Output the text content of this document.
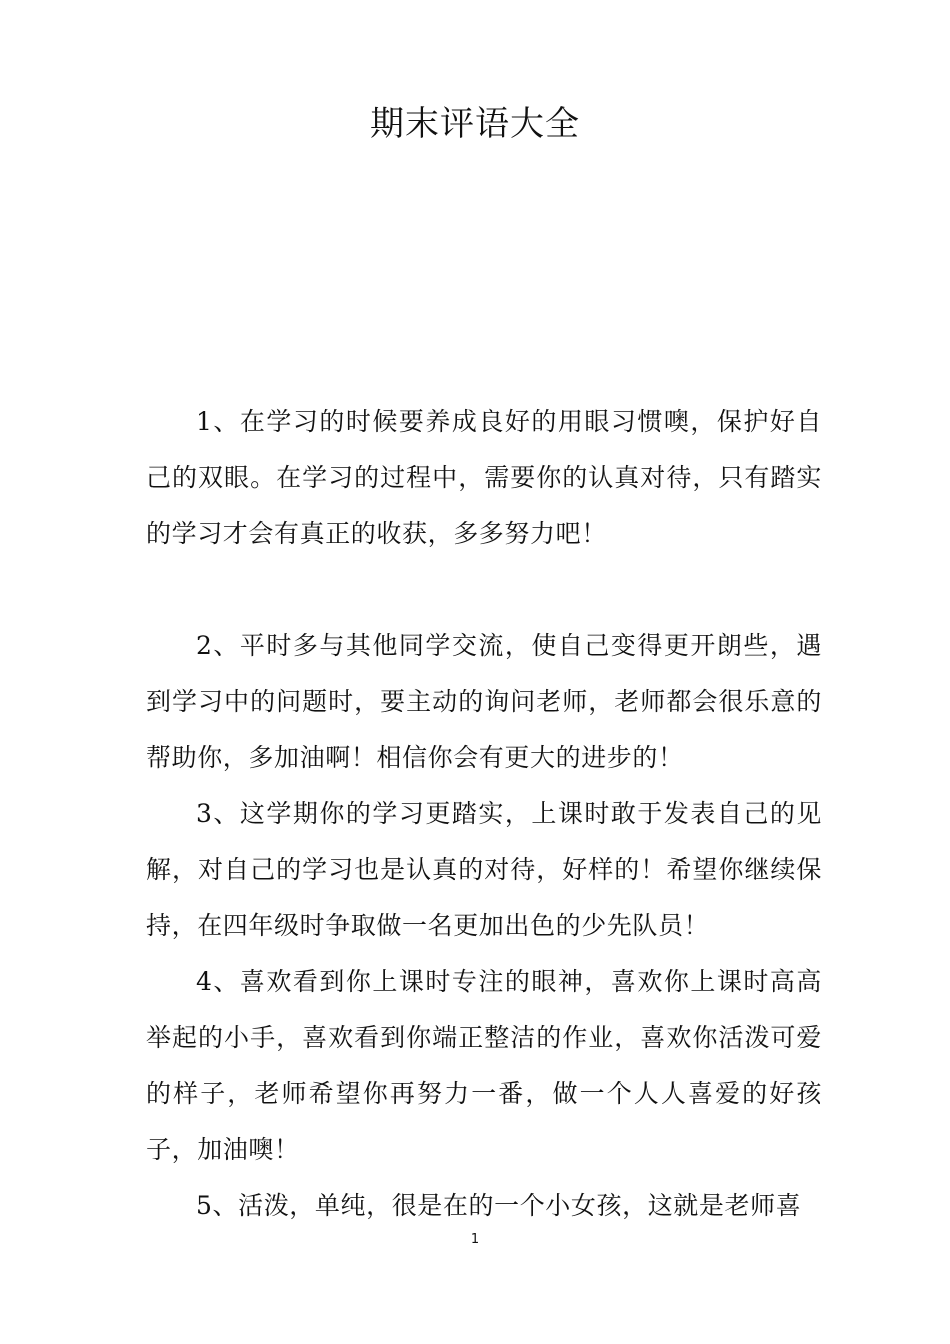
期末评语大全

1、在学习的时候要养成良好的用眼习惯噢，保护好自己的双眼。在学习的过程中，需要你的认真对待，只有踏实的学习才会有真正的收获，多多努力吧！

2、平时多与其他同学交流，使自己变得更开朗些，遇到学习中的问题时，要主动的询问老师，老师都会很乐意的帮助你，多加油啊！相信你会有更大的进步的！

3、这学期你的学习更踏实，上课时敢于发表自己的见解，对自己的学习也是认真的对待，好样的！希望你继续保持，在四年级时争取做一名更加出色的少先队员！

4、喜欢看到你上课时专注的眼神，喜欢你上课时高高举起的小手，喜欢看到你端正整洁的作业，喜欢你活泼可爱的样子，老师希望你再努力一番，做一个人人喜爱的好孩子，加油噢！

5、活泼，单纯，很是在的一个小女孩，这就是老师喜

1
